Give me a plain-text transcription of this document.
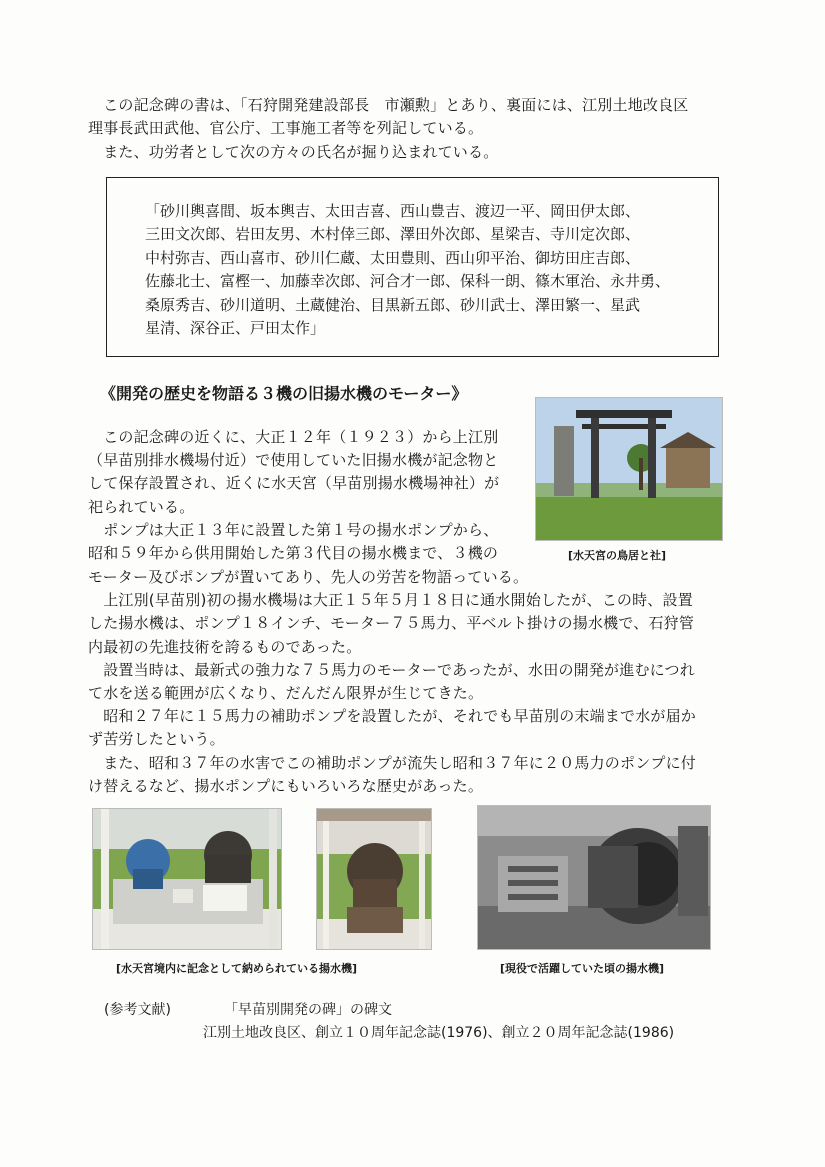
　この記念碑の書は、「石狩開発建設部長　市瀬勲」とあり、裏面には、江別土地改良区
理事長武田武他、官公庁、工事施工者等を列記している。
　また、功労者として次の方々の氏名が掘り込まれている。
「砂川輿喜間、坂本輿吉、太田吉喜、西山豊吉、渡辺一平、岡田伊太郎、
三田文次郎、岩田友男、木村倖三郎、澤田外次郎、星梁吉、寺川定次郎、
中村弥吉、西山喜市、砂川仁蔵、太田豊則、西山卯平治、御坊田庄吉郎、
佐藤北士、富樫一、加藤幸次郎、河合才一郎、保科一朗、篠木軍治、永井勇、
桑原秀吉、砂川道明、土蔵健治、目黒新五郎、砂川武士、澤田繁一、星武
星清、深谷正、戸田太作」
《開発の歴史を物語る３機の旧揚水機のモーター》
[水天宮の鳥居と社]
　この記念碑の近くに、大正１２年（１９２３）から上江別
（早苗別排水機場付近）で使用していた旧揚水機が記念物と
して保存設置され、近くに水天宮（早苗別揚水機場神社）が
祀られている。
　ポンプは大正１３年に設置した第１号の揚水ポンプから、
昭和５９年から供用開始した第３代目の揚水機まで、３機の
モーター及びポンプが置いてあり、先人の労苦を物語っている。
　上江別(早苗別)初の揚水機場は大正１５年５月１８日に通水開始したが、この時、設置
した揚水機は、ポンプ１８インチ、モーター７５馬力、平ベルト掛けの揚水機で、石狩管
内最初の先進技術を誇るものであった。
　設置当時は、最新式の強力な７５馬力のモーターであったが、水田の開発が進むにつれ
て水を送る範囲が広くなり、だんだん限界が生じてきた。
　昭和２７年に１５馬力の補助ポンプを設置したが、それでも早苗別の末端まで水が届か
ず苦労したという。
　また、昭和３７年の水害でこの補助ポンプが流失し昭和３７年に２０馬力のポンプに付
け替えるなど、揚水ポンプにもいろいろな歴史があった。
[水天宮境内に記念として納められている揚水機]	[現役で活躍していた頃の揚水機]

(参考文献)	「早苗別開発の碑」の碑文

江別土地改良区、創立１０周年記念誌(1976)、創立２０周年記念誌(1986)
